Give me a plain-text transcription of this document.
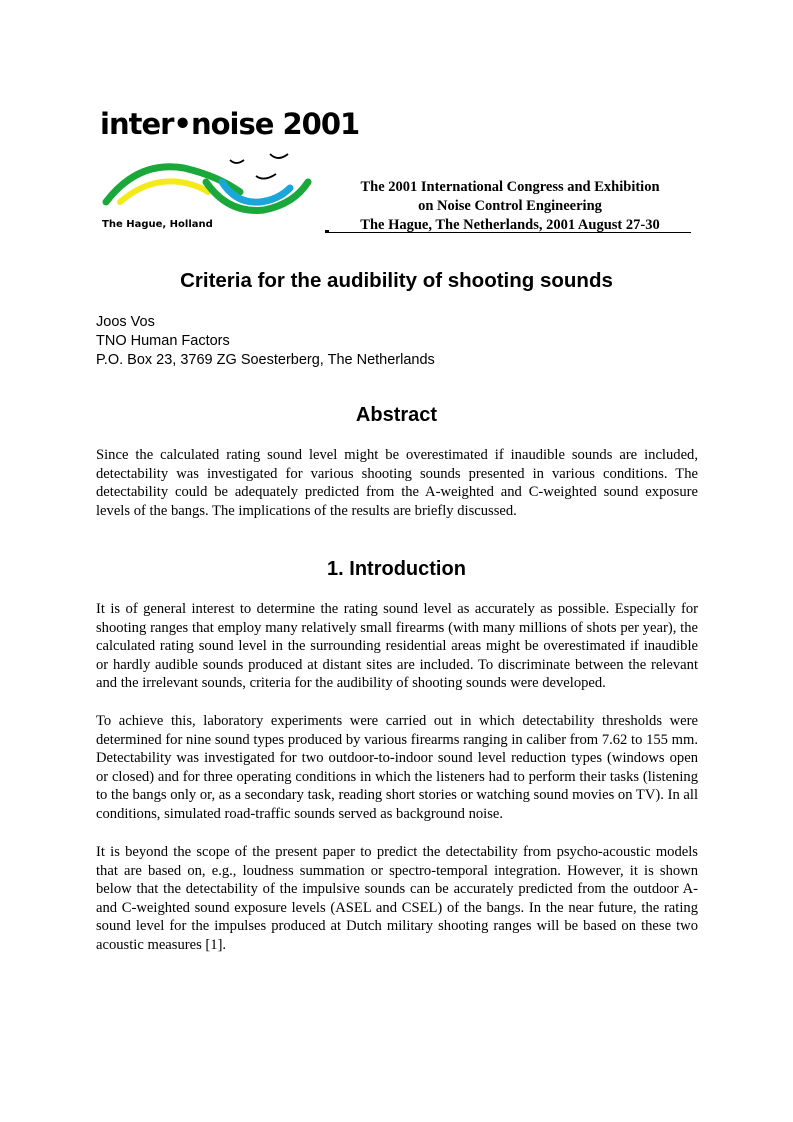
inter•noise 2001
The Hague, Holland
The 2001 International Congress and Exhibition
on Noise Control Engineering
The Hague, The Netherlands, 2001 August 27-30
Criteria for the audibility of shooting sounds
Joos Vos
TNO Human Factors
P.O. Box 23, 3769 ZG Soesterberg, The Netherlands
Abstract

Since the calculated rating sound level might be overestimated if inaudible sounds are included, detectability was investigated for various shooting sounds presented in various conditions. The detectability could be adequately predicted from the A-weighted and C-weighted sound exposure levels of the bangs. The implications of the results are briefly discussed.

1. Introduction

It is of general interest to determine the rating sound level as accurately as possible. Especially for shooting ranges that employ many relatively small firearms (with many millions of shots per year), the calculated rating sound level in the surrounding residential areas might be overestimated if inaudible or hardly audible sounds produced at distant sites are included. To discriminate between the relevant and the irrelevant sounds, criteria for the audibility of shooting sounds were developed.

To achieve this, laboratory experiments were carried out in which detectability thresholds were determined for nine sound types produced by various firearms ranging in caliber from 7.62 to 155 mm. Detectability was investigated for two outdoor-to-indoor sound level reduction types (windows open or closed) and for three operating conditions in which the listeners had to perform their tasks (listening to the bangs only or, as a secondary task, reading short stories or watching sound movies on TV). In all conditions, simulated road-traffic sounds served as background noise.

It is beyond the scope of the present paper to predict the detectability from psycho-acoustic models that are based on, e.g., loudness summation or spectro-temporal integration. However, it is shown below that the detectability of the impulsive sounds can be accurately predicted from the outdoor A- and C-weighted sound exposure levels (ASEL and CSEL) of the bangs. In the near future, the rating sound level for the impulses produced at Dutch military shooting ranges will be based on these two acoustic measures [1].
